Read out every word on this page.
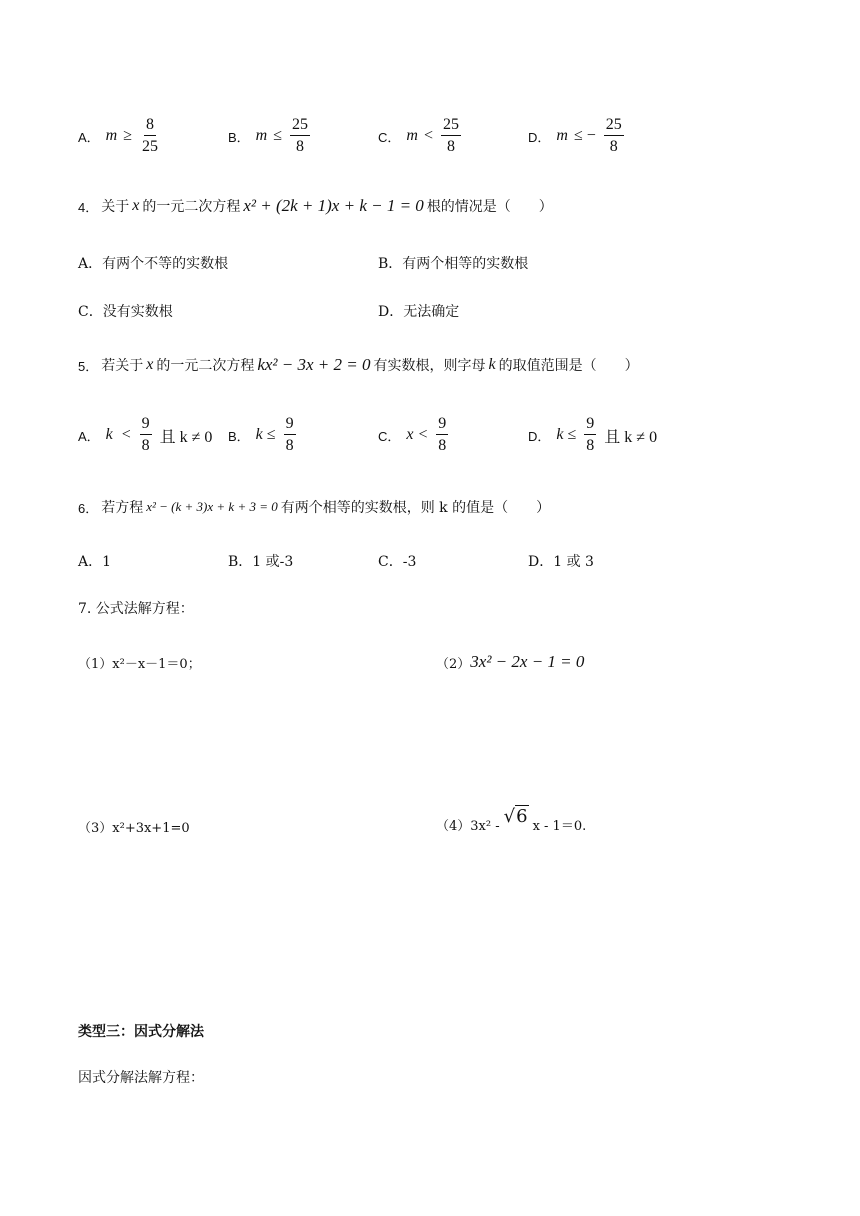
A． $m \ge \frac{8}{25}$	B． $m \le \frac{25}{8}$	C． $m < \frac{25}{8}$	D． m ≤ − $\frac{25}{8}$
4． 关于 x 的一元二次方程 x² + (2k + 1)x + k − 1 = 0 根的情况是（　　）
A．有两个不等的实数根	B．有两个相等的实数根
C．没有实数根	D．无法确定
5． 若关于 x 的一元二次方程 kx² − 3x + 2 = 0 有实数根，则字母 k 的取值范围是（　　）
A． $k < \frac{9}{8}$ 且 k ≠ 0 B． $k \le \frac{9}{8}$	C． $x < \frac{9}{8}$	D． $k \le \frac{9}{8}$ 且 k ≠ 0
6． 若方程 x² − (k + 3)x + k + 3 = 0 有两个相等的实数根，则 k 的值是（　　）
A．1	B．1 或-3	C．-3	D．1 或 3
7. 公式法解方程：
（1）x²－x－1＝0；	（2） 3x² − 2x − 1 = 0
（3）x²+3x+1=0	（4）3x² - √6 x - 1＝0.
类型三：因式分解法
因式分解法解方程：
